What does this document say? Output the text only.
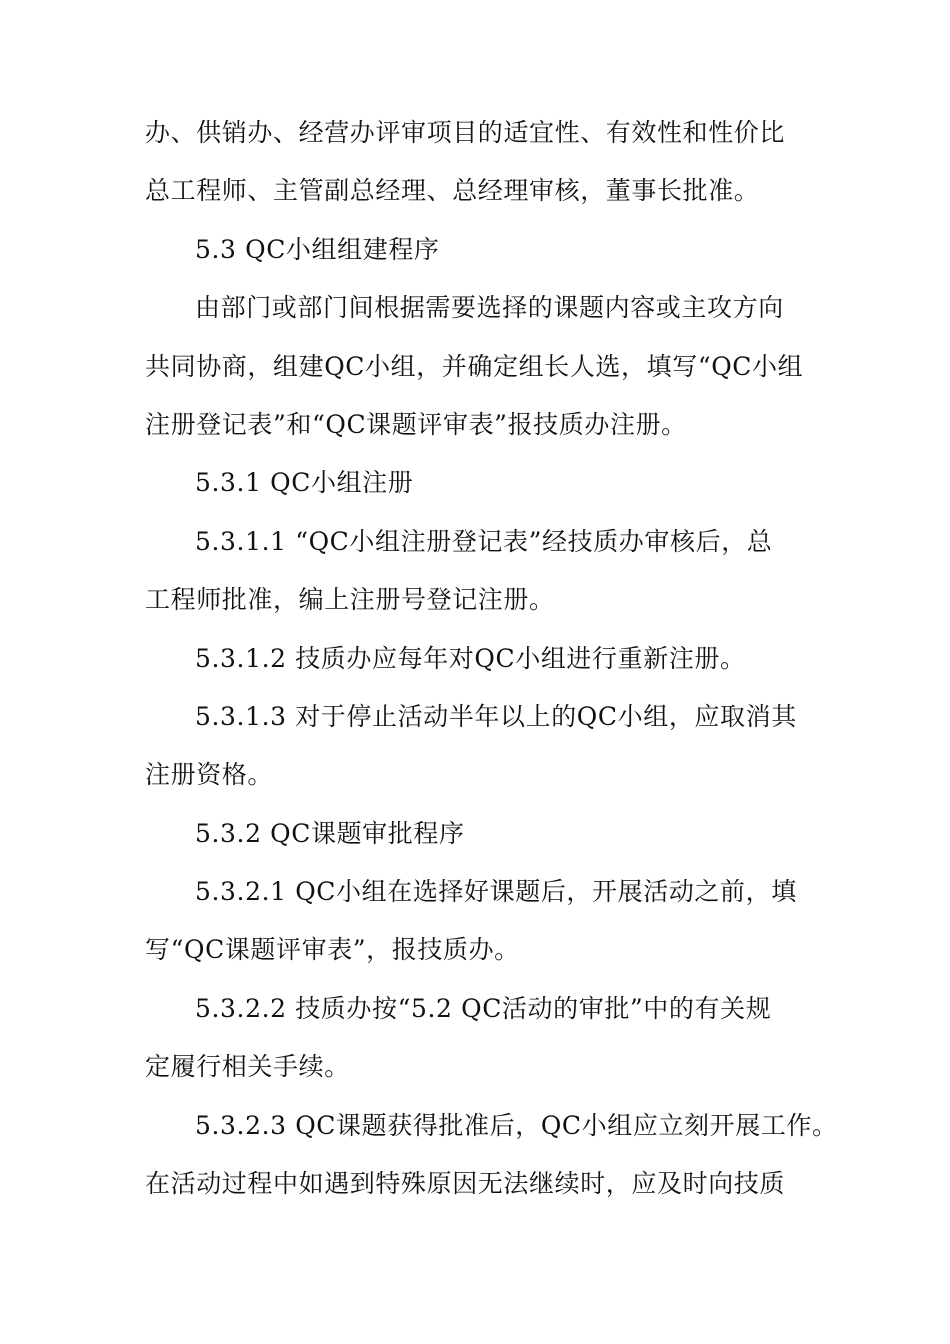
办、供销办、经营办评审项目的适宜性、有效性和性价比
总工程师、主管副总经理、总经理审核，董事长批准。
5.3 QC小组组建程序
由部门或部门间根据需要选择的课题内容或主攻方向
共同协商，组建QC小组，并确定组长人选，填写“QC小组
注册登记表”和“QC课题评审表”报技质办注册。
5.3.1 QC小组注册
5.3.1.1 “QC小组注册登记表”经技质办审核后，总
工程师批准，编上注册号登记注册。
5.3.1.2 技质办应每年对QC小组进行重新注册。
5.3.1.3 对于停止活动半年以上的QC小组，应取消其
注册资格。
5.3.2 QC课题审批程序
5.3.2.1 QC小组在选择好课题后，开展活动之前，填
写“QC课题评审表”，报技质办。
5.3.2.2 技质办按“5.2 QC活动的审批”中的有关规
定履行相关手续。
5.3.2.3 QC课题获得批准后，QC小组应立刻开展工作。
在活动过程中如遇到特殊原因无法继续时，应及时向技质
